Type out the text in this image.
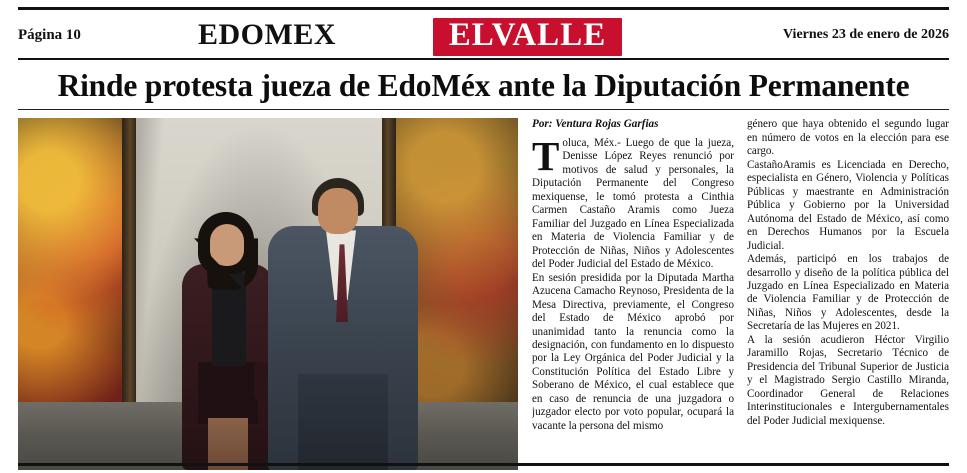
Página 10	EDOMEX	ELVALLE	Viernes 23 de enero de 2026
Rinde protesta jueza de EdoMéx ante la Diputación Permanente
Por: Ventura Rojas Garfias

Toluca, Méx.- Luego de que la jueza, Denisse López Reyes renunció por motivos de salud y personales, la Diputación Permanente del Congreso mexiquense, le tomó protesta a Cinthia Carmen Castaño Aramis como Jueza Familiar del Juzgado en Línea Especializada en Materia de Violencia Familiar y de Protección de Niñas, Niños y Adolescentes del Poder Judicial del Estado de México.

En sesión presidida por la Diputada Martha Azucena Camacho Reynoso, Presidenta de la Mesa Directiva, previamente, el Congreso del Estado de México aprobó por unanimidad tanto la renuncia como la designación, con fundamento en lo dispuesto por la Ley Orgánica del Poder Judicial y la Constitución Política del Estado Libre y Soberano de México, el cual establece que en caso de renuncia de una juzgadora o juzgador electo por voto popular, ocupará la vacante la persona del mismo

género que haya obtenido el segundo lugar en número de votos en la elección para ese cargo.

CastañoAramis es Licenciada en Derecho, especialista en Género, Violencia y Políticas Públicas y maestrante en Administración Pública y Gobierno por la Universidad Autónoma del Estado de México, así como en Derechos Humanos por la Escuela Judicial.

Además, participó en los trabajos de desarrollo y diseño de la política pública del Juzgado en Línea Especializado en Materia de Violencia Familiar y de Protección de Niñas, Niños y Adolescentes, desde la Secretaría de las Mujeres en 2021.

A la sesión acudieron Héctor Virgilio Jaramillo Rojas, Secretario Técnico de Presidencia del Tribunal Superior de Justicia y el Magistrado Sergio Castillo Miranda, Coordinador General de Relaciones Interinstitucionales e Intergubernamentales del Poder Judicial mexiquense.
